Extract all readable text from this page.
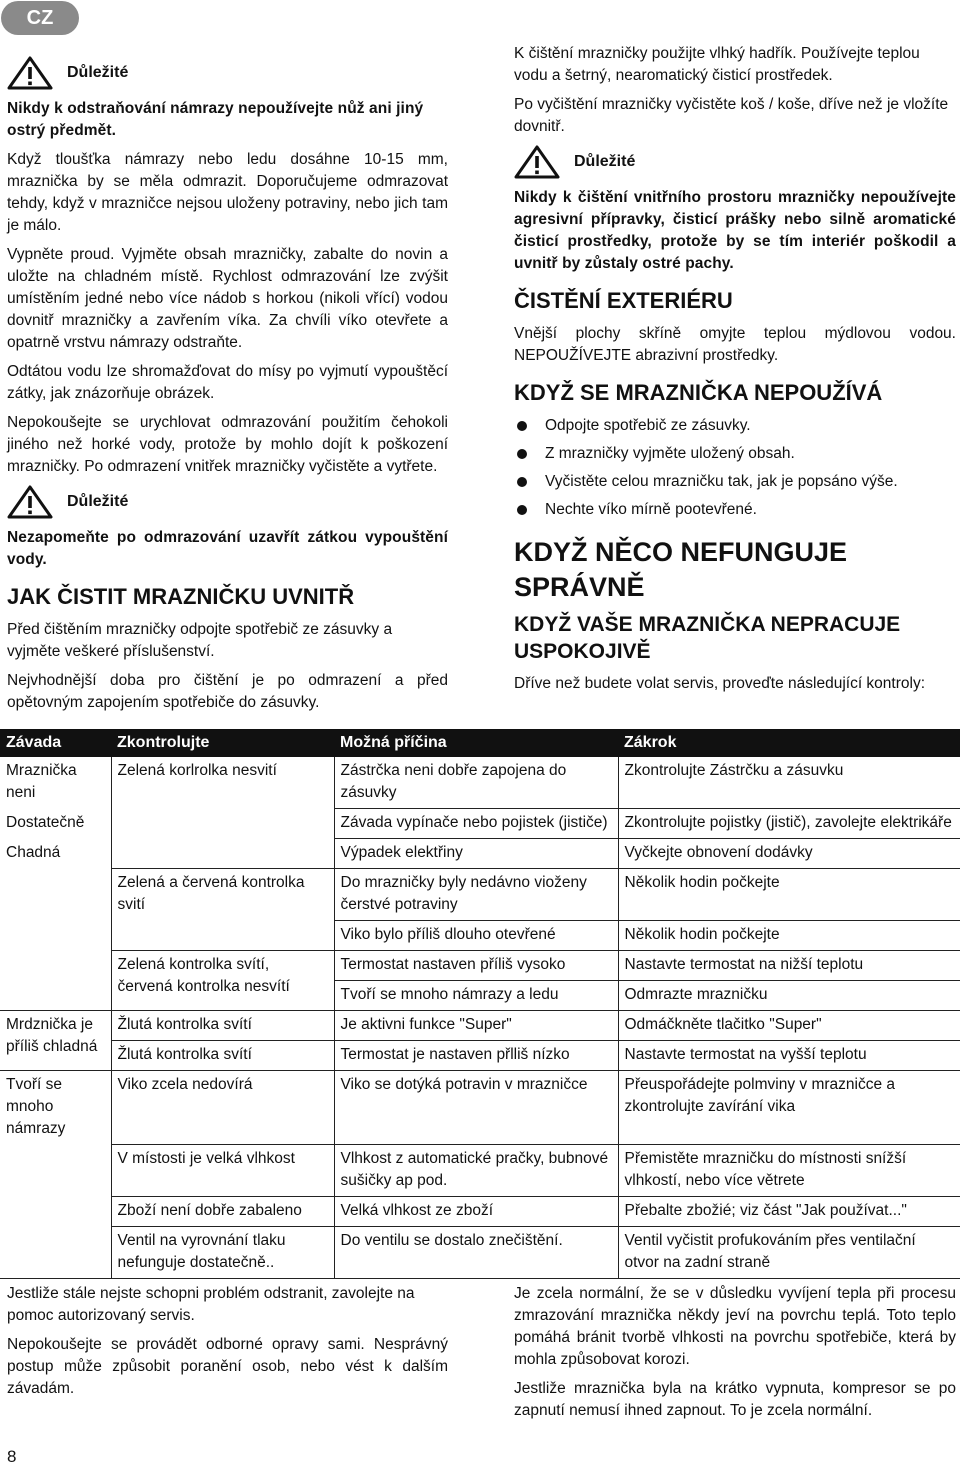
CZ
Důležité

Nikdy k odstraňování námrazy nepoužívejte nůž ani jiný ostrý předmět.

Když tloušťka námrazy nebo ledu dosáhne 10-15 mm, mraznička by se měla odmrazit. Doporučujeme odmrazovat tehdy, když v mrazničce nejsou uloženy potraviny, nebo jich tam je málo.

Vypněte proud. Vyjměte obsah mrazničky, zabalte do novin a uložte na chladném místě. Rychlost odmrazování lze zvýšit umístěním jedné nebo více nádob s horkou (nikoli vřící) vodou dovnitř mrazničky a zavřením víka. Za chvíli víko otevřete a opatrně vrstvu námrazy odstraňte.

Odtátou vodu lze shromažďovat do mísy po vyjmutí vypouštěcí zátky, jak znázorňuje obrázek.

Nepokoušejte se urychlovat odmrazování použitím čehokoli jiného než horké vody, protože by mohlo dojít k poškození mrazničky. Po odmrazení vnitřek mrazničky vyčistěte a vytřete.

Důležité

Nezapomeňte po odmrazování uzavřít zátkou vypouštění vody.

JAK ČISTIT MRAZNIČKU UVNITŘ

Před čištěním mrazničky odpojte spotřebič ze zásuvky a vyjměte veškeré příslušenství.

Nejvhodnější doba pro čištění je po odmrazení a před opětovným zapojením spotřebiče do zásuvky.

K čištění mrazničky použijte vlhký hadřík. Používejte teplou vodu a šetrný, nearomatický čisticí prostředek.

Po vyčištění mrazničky vyčistěte koš / koše, dříve než je vložíte dovnitř.

Důležité

Nikdy k čištění vnitřního prostoru mrazničky nepoužívejte agresivní přípravky, čisticí prášky nebo silně aromatické čisticí prostředky, protože by se tím interiér poškodil a uvnitř by zůstaly ostré pachy.

ČISTĚNÍ EXTERIÉRU

Vnější plochy skříně omyjte teplou mýdlovou vodou. NEPOUŽÍVEJTE abrazivní prostředky.

KDYŽ SE MRAZNIČKA NEPOUŽÍVÁ
Odpojte spotřebič ze zásuvky.
Z mrazničky vyjměte uložený obsah.
Vyčistěte celou mrazničku tak, jak je popsáno výše.
Nechte víko mírně pootevřené.
KDYŽ NĚCO NEFUNGUJE SPRÁVNĚ
KDYŽ VAŠE MRAZNIČKA NEPRACUJE USPOKOJIVĚ

Dříve než budete volat servis, proveďte následující kontroly:

Závada	Zkontrolujte	Možná příčina	Zákrok
Mraznička neni	Zelená korlrolka nesvití	Zástrčka neni dobře zapojena do zásuvky	Zkontrolujte Zástrčku a zásuvku
Dostatečně		Závada vypínače nebo pojistek (jističe)	Zkontrolujte pojistky (jistič), zavolejte elektrikáře
Chadná		Výpadek elektřiny	Vyčkejte obnovení dodávky
	Zelená a červená kontrolka svití	Do mrazničky byly nedávno vioženy čerstvé potraviny	Několik hodin počkejte
		Viko bylo příliš dlouho otevřené	Několik hodin počkejte
	Zelená kontrolka svítí, červená kontrolka nesvítí	Termostat nastaven příliš vysoko	Nastavte termostat na nižší teplotu
		Tvoří se mnoho námrazy a ledu	Odmrazte mrazničku
Mrdznička je příliš chladná	Žlutá kontrolka svítí	Je aktivni funkce "Super"	Odmáčkněte tlačitko "Super"
	Žlutá kontrolka svítí	Termostat je nastaven přlliš nízko	Nastavte termostat na vyšší teplotu
Tvoří se mnoho námrazy	Viko zcela nedovírá	Viko se dotýká potravin v mrazničce	Přeuspořádejte polmviny v mrazničce a zkontrolujte zavírání vika
	V místosti je velká vlhkost	Vlhkost z automatické pračky, bubnové sušičky ap pod.	Přemistěte mrazničku do místnosti snížší vlhkostí, nebo více větrete
	Zboží není dobře zabaleno	Velká vlhkost ze zboží	Přebalte zbožié; viz část "Jak používat..."
	Ventil na vyrovnání tlaku nefunguje dostatečně..	Do ventilu se dostalo znečištění.	Ventil vyčistit profukováním přes ventilační otvor na zadní straně

Jestliže stále nejste schopni problém odstranit, zavolejte na pomoc autorizovaný servis.

Nepokoušejte se provádět odborné opravy sami. Nesprávný postup může způsobit poranění osob, nebo vést k dalším závadám.

Je zcela normální, že se v důsledku vyvíjení tepla při procesu zmrazování mraznička někdy jeví na povrchu teplá. Toto teplo pomáhá bránit tvorbě vlhkosti na povrchu spotřebiče, která by mohla způsobovat korozi.

Jestliže mraznička byla na krátko vypnuta, kompresor se po zapnutí nemusí ihned zapnout. To je zcela normální.

8
